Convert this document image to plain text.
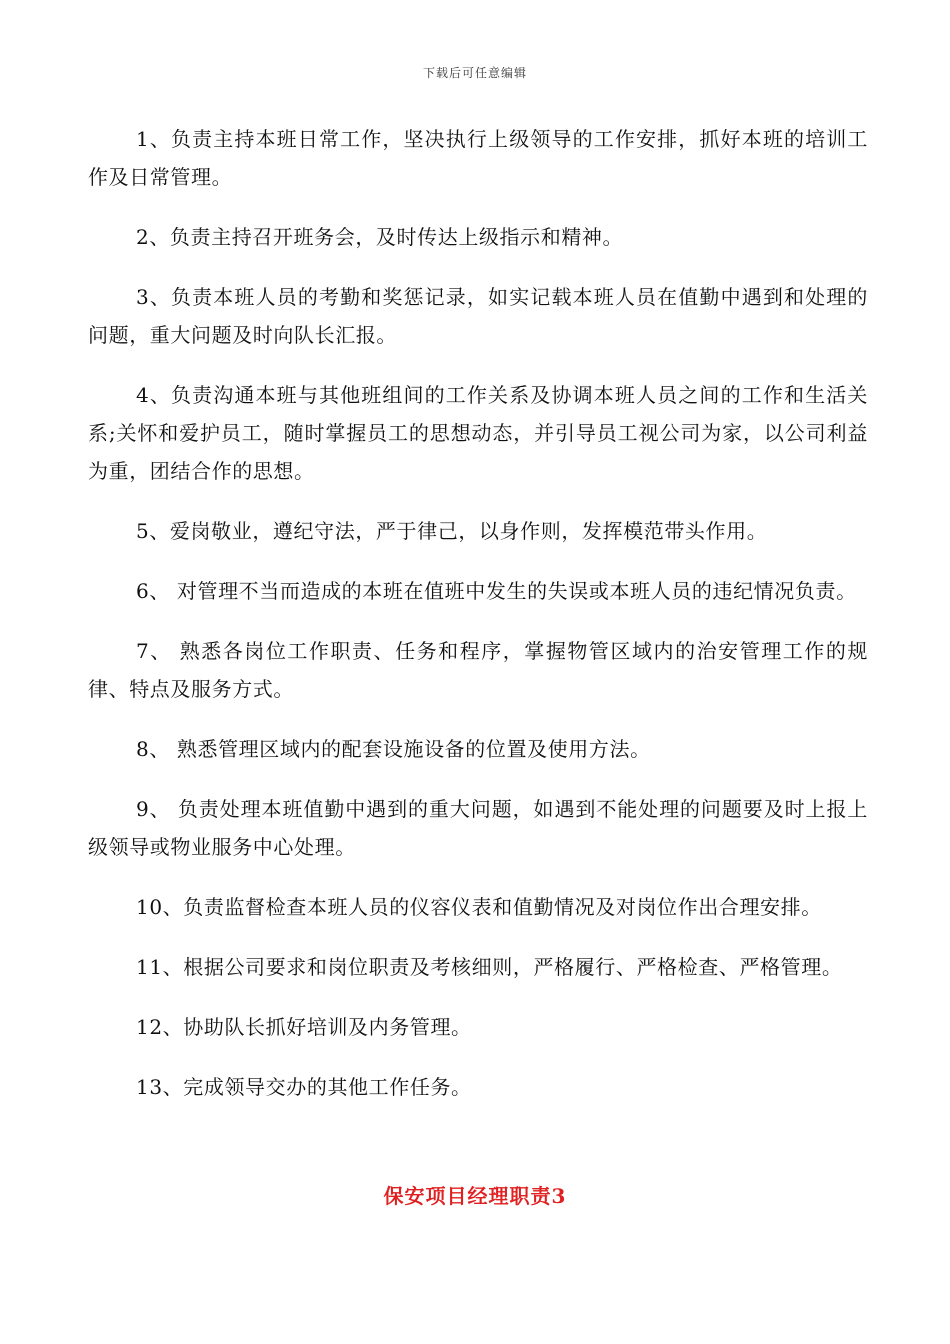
下载后可任意编辑

1、负责主持本班日常工作，坚决执行上级领导的工作安排，抓好本班的培训工作及日常管理。

2、负责主持召开班务会，及时传达上级指示和精神。

3、负责本班人员的考勤和奖惩记录，如实记载本班人员在值勤中遇到和处理的问题，重大问题及时向队长汇报。

4、负责沟通本班与其他班组间的工作关系及协调本班人员之间的工作和生活关系;关怀和爱护员工，随时掌握员工的思想动态，并引导员工视公司为家，以公司利益为重，团结合作的思想。

5、爱岗敬业，遵纪守法，严于律己，以身作则，发挥模范带头作用。

6、 对管理不当而造成的本班在值班中发生的失误或本班人员的违纪情况负责。

7、 熟悉各岗位工作职责、任务和程序，掌握物管区域内的治安管理工作的规律、特点及服务方式。

8、 熟悉管理区域内的配套设施设备的位置及使用方法。

9、 负责处理本班值勤中遇到的重大问题，如遇到不能处理的问题要及时上报上级领导或物业服务中心处理。

10、负责监督检查本班人员的仪容仪表和值勤情况及对岗位作出合理安排。

11、根据公司要求和岗位职责及考核细则，严格履行、严格检查、严格管理。

12、协助队长抓好培训及内务管理。

13、完成领导交办的其他工作任务。

保安项目经理职责3
